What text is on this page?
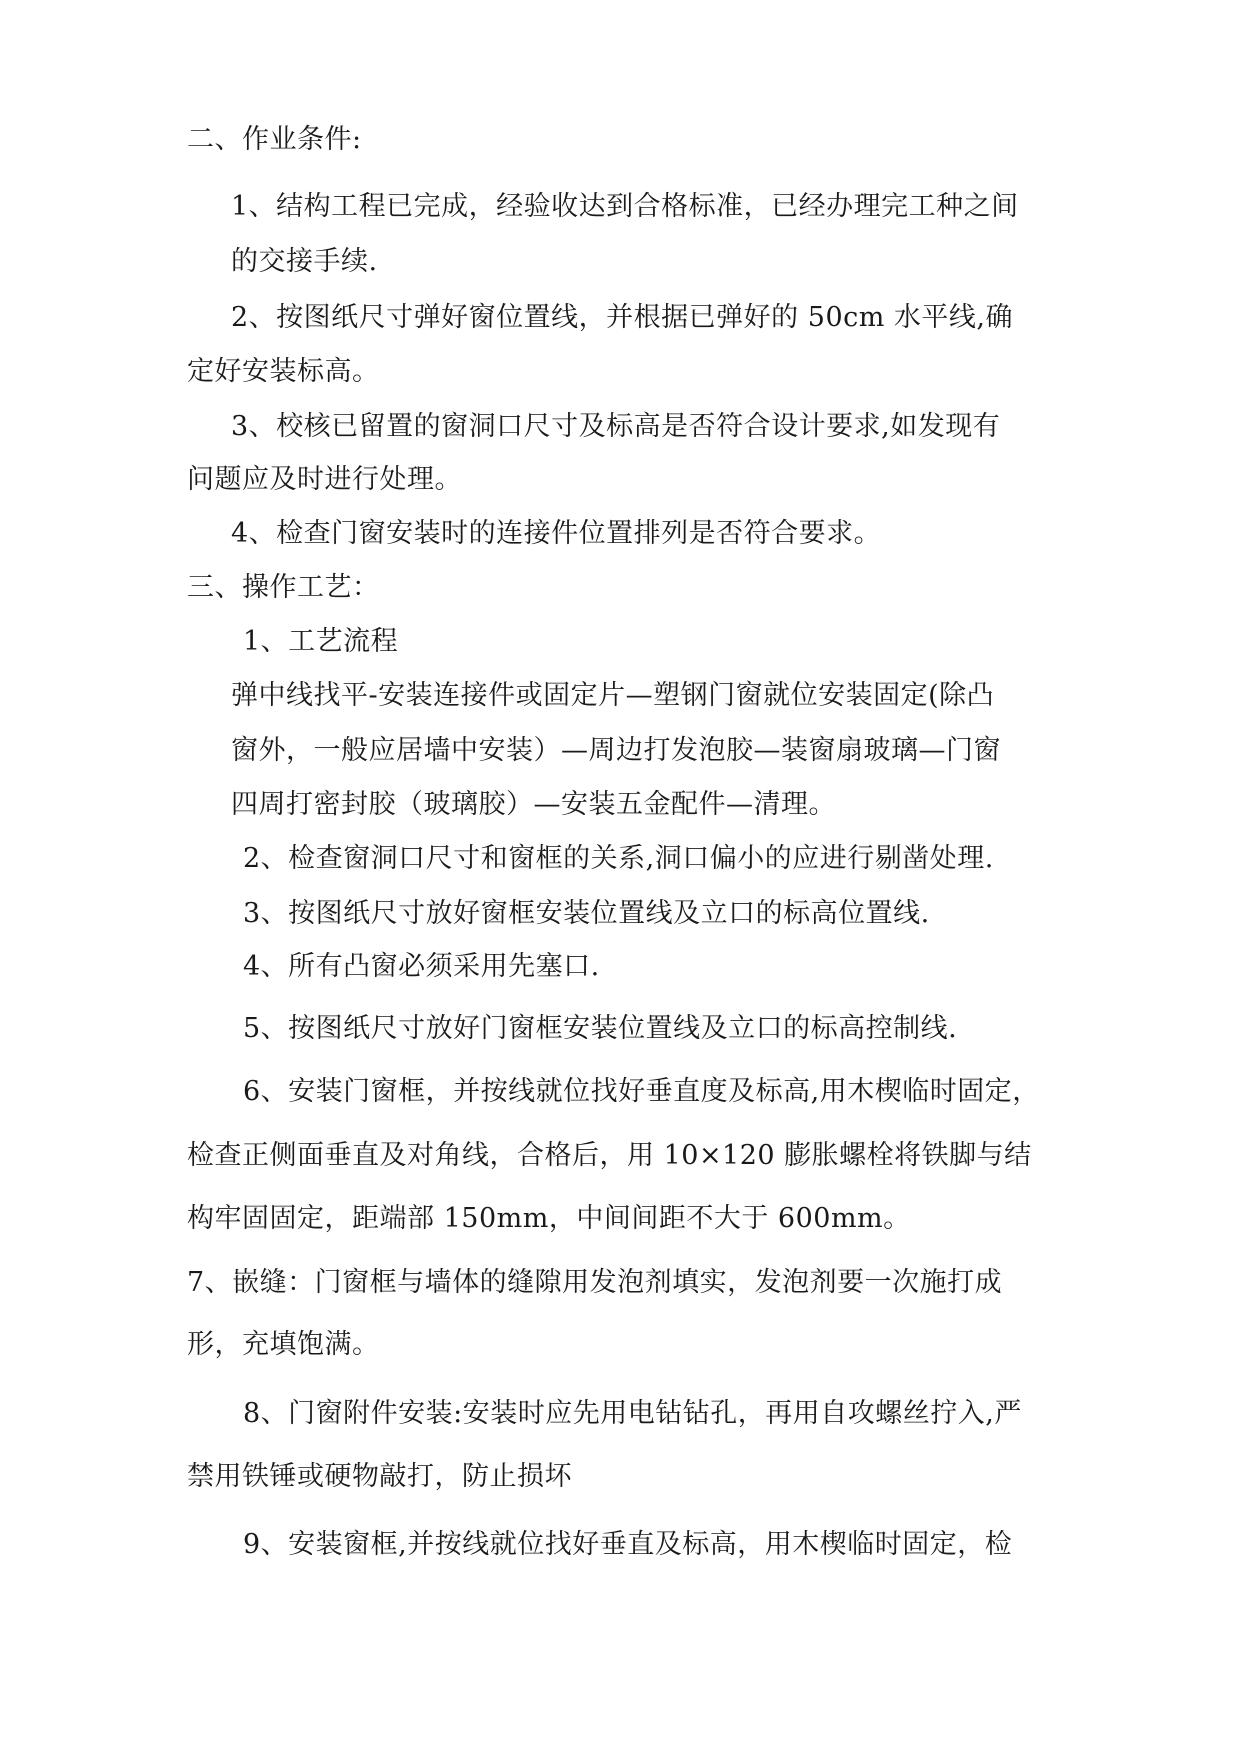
二、作业条件:
1、结构工程已完成，经验收达到合格标准，已经办理完工种之间
的交接手续.
2、按图纸尺寸弹好窗位置线，并根据已弹好的 50cm 水平线,确
定好安装标高。
3、校核已留置的窗洞口尺寸及标高是否符合设计要求,如发现有
问题应及时进行处理。
4、检查门窗安装时的连接件位置排列是否符合要求。
三、操作工艺：
1、工艺流程
弹中线找平-安装连接件或固定片—塑钢门窗就位安装固定(除凸
窗外，一般应居墙中安装）—周边打发泡胶—装窗扇玻璃—门窗
四周打密封胶（玻璃胶）—安装五金配件—清理。
2、检查窗洞口尺寸和窗框的关系,洞口偏小的应进行剔凿处理.
3、按图纸尺寸放好窗框安装位置线及立口的标高位置线.
4、所有凸窗必须采用先塞口.
5、按图纸尺寸放好门窗框安装位置线及立口的标高控制线.
6、安装门窗框，并按线就位找好垂直度及标高,用木楔临时固定，
检查正侧面垂直及对角线，合格后，用 10×120 膨胀螺栓将铁脚与结
构牢固固定，距端部 150mm，中间间距不大于 600mm。
7、嵌缝：门窗框与墙体的缝隙用发泡剂填实，发泡剂要一次施打成
形，充填饱满。
8、门窗附件安装:安装时应先用电钻钻孔，再用自攻螺丝拧入,严
禁用铁锤或硬物敲打，防止损坏
9、安装窗框,并按线就位找好垂直及标高，用木楔临时固定，检
